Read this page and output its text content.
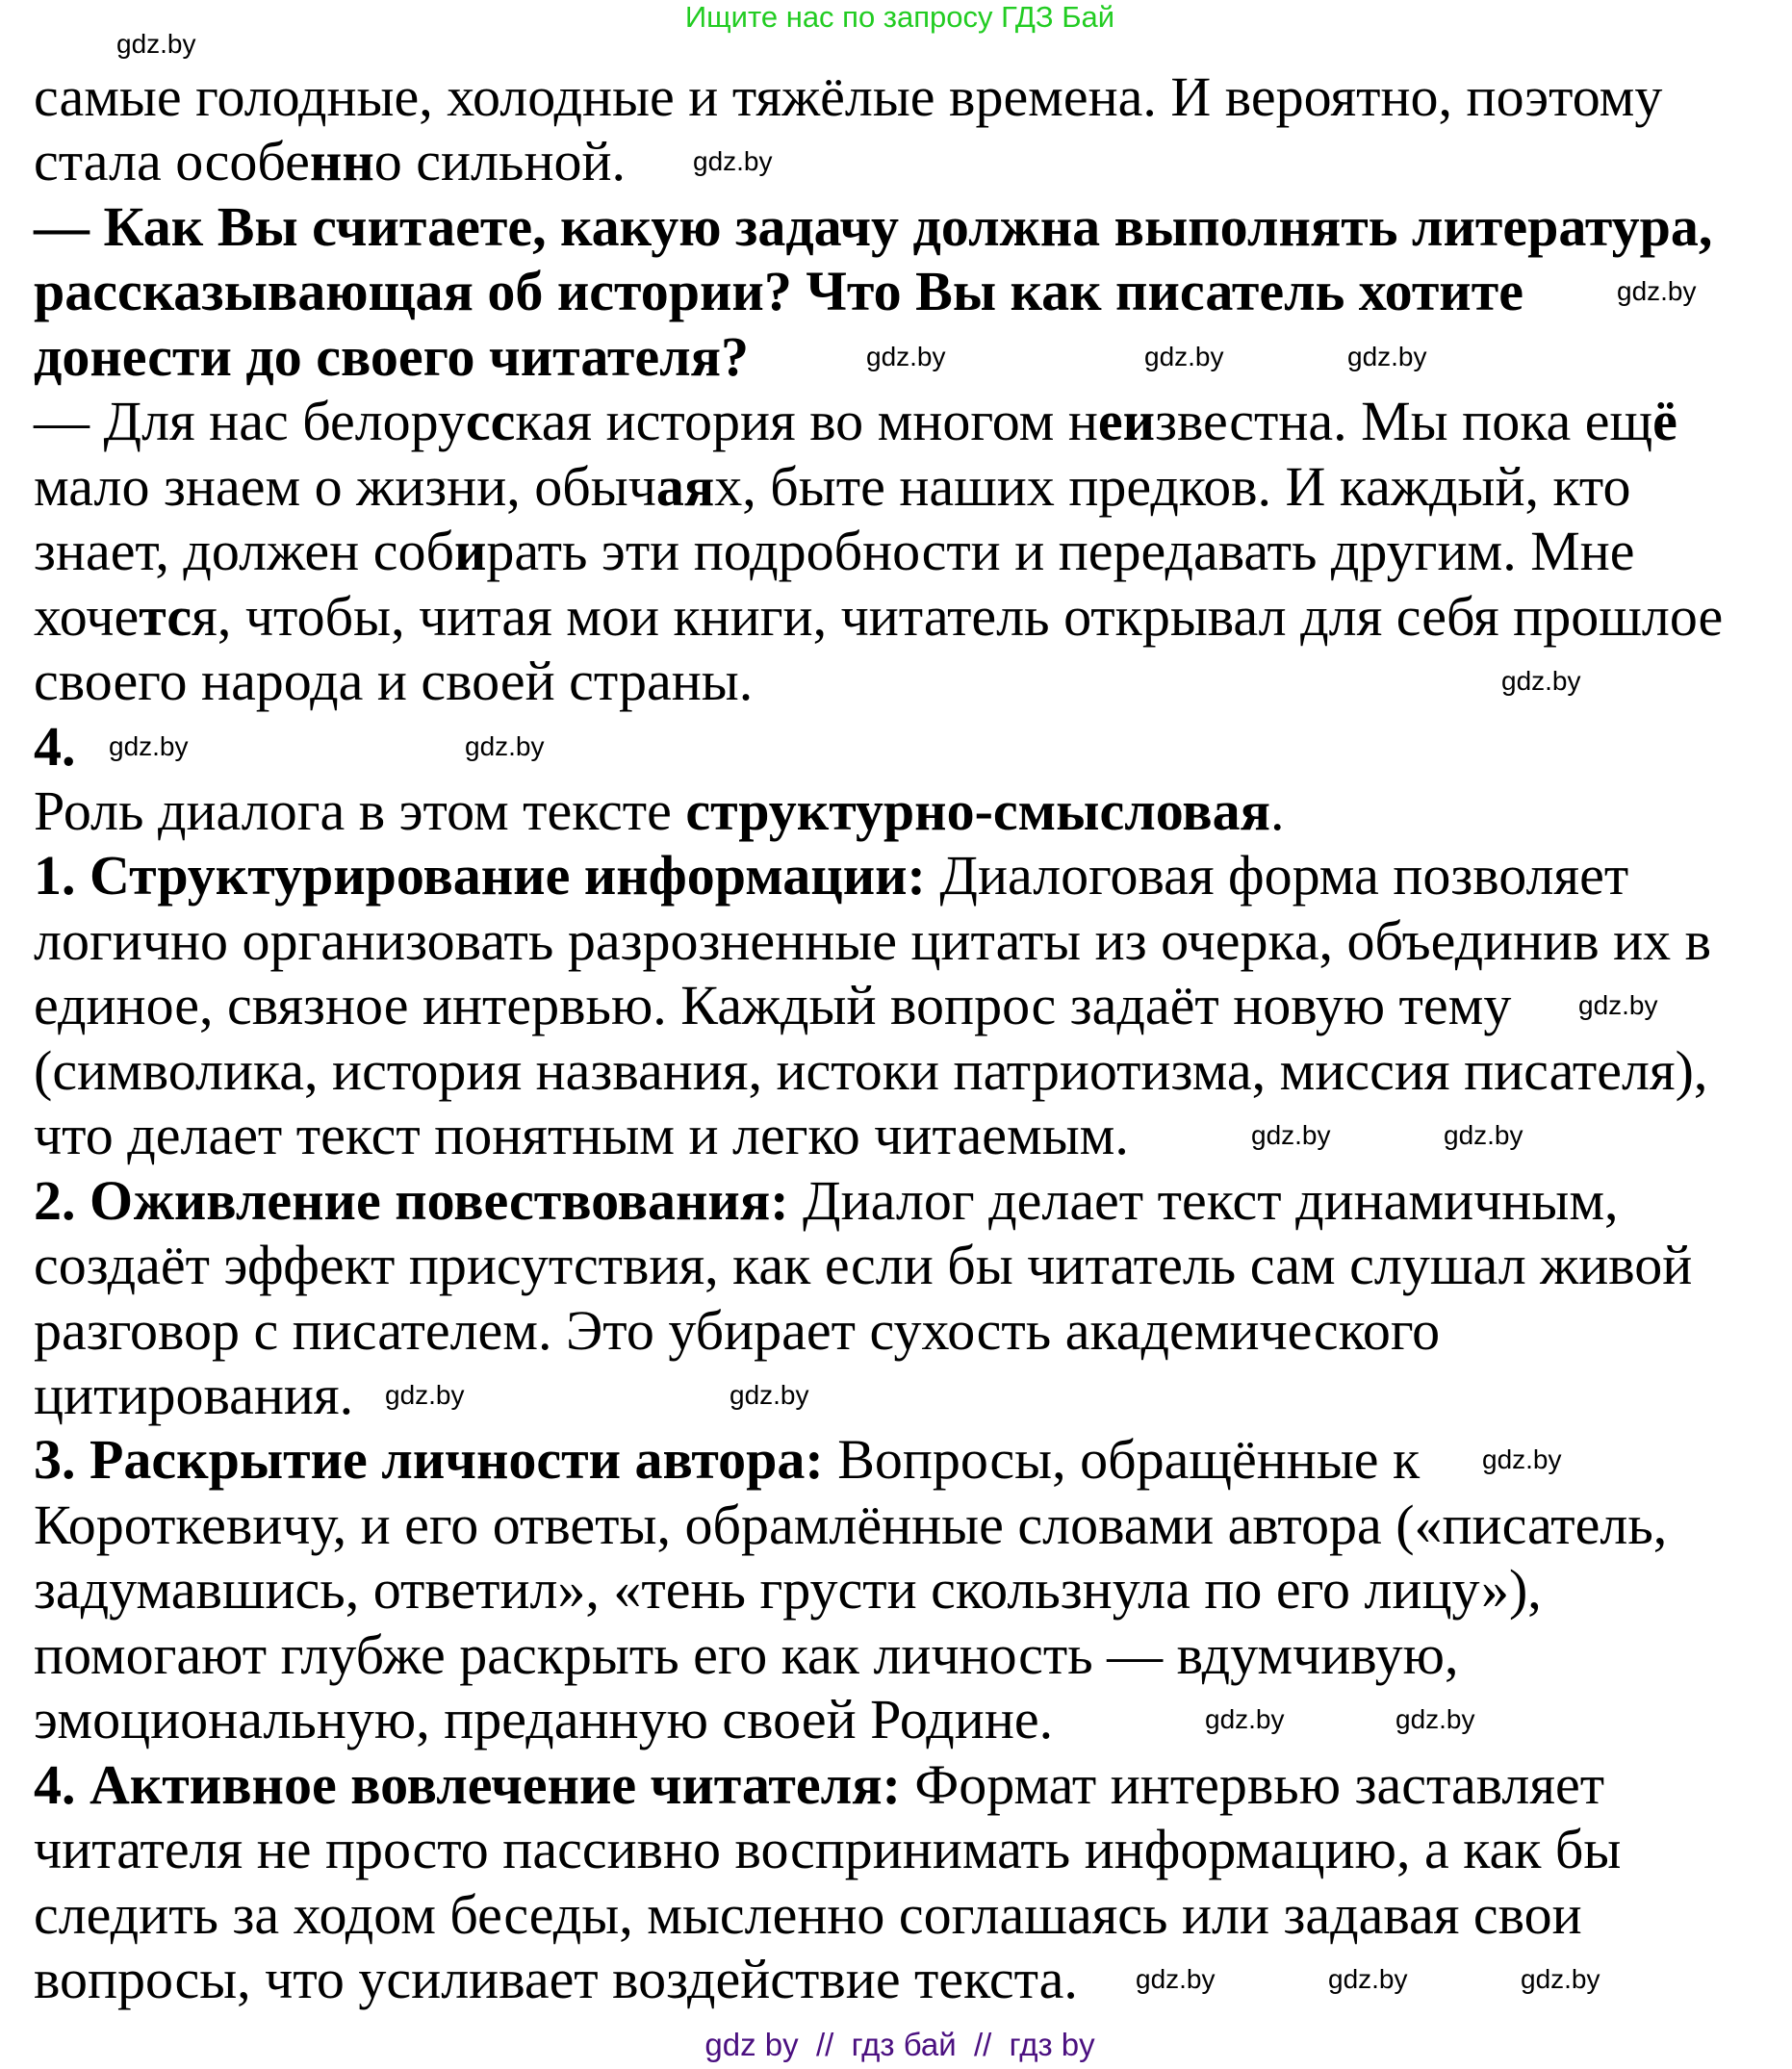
Ищите нас по запросу ГДЗ Бай
самые голодные, холодные и тяжёлые времена. И вероятно, поэтому
стала особенно сильной.
— Как Вы считаете, какую задачу должна выполнять литература,
рассказывающая об истории? Что Вы как писатель хотите
донести до своего читателя?
— Для нас белорусская история во многом неизвестна. Мы пока ещё
мало знаем о жизни, обычаях, быте наших предков. И каждый, кто
знает, должен собирать эти подробности и передавать другим. Мне
хочется, чтобы, читая мои книги, читатель открывал для себя прошлое
своего народа и своей страны.
4.
Роль диалога в этом тексте структурно-смысловая.
1. Структурирование информации: Диалоговая форма позволяет
логично организовать разрозненные цитаты из очерка, объединив их в
единое, связное интервью. Каждый вопрос задаёт новую тему
(символика, история названия, истоки патриотизма, миссия писателя),
что делает текст понятным и легко читаемым.
2. Оживление повествования: Диалог делает текст динамичным,
создаёт эффект присутствия, как если бы читатель сам слушал живой
разговор с писателем. Это убирает сухость академического
цитирования.
3. Раскрытие личности автора: Вопросы, обращённые к
Короткевичу, и его ответы, обрамлённые словами автора («писатель,
задумавшись, ответил», «тень грусти скользнула по его лицу»),
помогают глубже раскрыть его как личность — вдумчивую,
эмоциональную, преданную своей Родине.
4. Активное вовлечение читателя: Формат интервью заставляет
читателя не просто пассивно воспринимать информацию, а как бы
следить за ходом беседы, мысленно соглашаясь или задавая свои
вопросы, что усиливает воздействие текста.
gdz.by
gdz.by
gdz.by
gdz.by
gdz.by	gdz.by
gdz.by
gdz.by	gdz.by
gdz.by
gdz.by	gdz.by
gdz.by	gdz.by
gdz.by
gdz.by	gdz.by
gdz.by	gdz.by	gdz.by
gdz by  //  гдз бай  //  гдз by
